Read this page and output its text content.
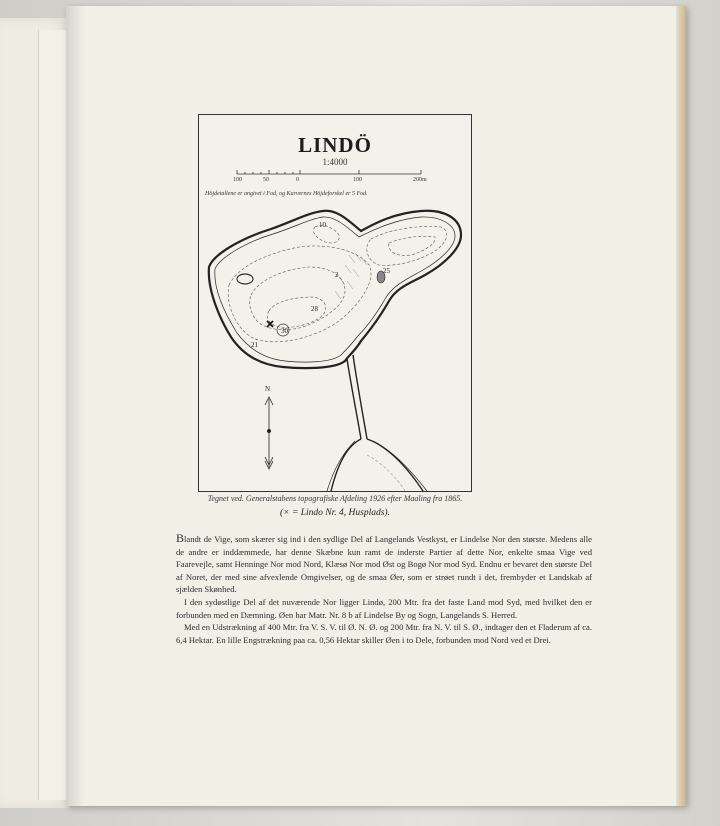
LINDÖ
1:4000
100	50	0	100	200m
Höjdetallene er angivet i Fod, og Kurvernes Höjdeforskel er 5 Fod.
10
2	25
28
30
21
N
Tegnet ved. Generalstabens topografiske Afdeling 1926 efter Maaling fra 1865.
(× = Lindo Nr. 4, Husplads).

Blandt de Vige, som skærer sig ind i den sydlige Del af Langelands Vestkyst, er Lindelse Nor den største. Medens alle de andre er inddæmmede, har denne Skæbne kun ramt de inderste Partier af dette Nor, enkelte smaa Vige ved Faarevejle, samt Henninge Nor mod Nord, Klæsø Nor mod Øst og Bogø Nor mod Syd. Endnu er bevaret den største Del af Noret, der med sine afvexlende Omgivelser, og de smaa Øer, som er strøet rundt i det, frembyder et Landskab af sjælden Skønhed.

I den sydøstlige Del af det nuværende Nor ligger Lindø, 200 Mtr. fra det faste Land mod Syd, med hvilket den er forbunden med en Dæmning. Øen har Matr. Nr. 8 b af Lindelse By og Sogn, Langelands S. Herred.

Med en Udstrækning af 400 Mtr. fra V. S. V. til Ø. N. Ø. og 200 Mtr. fra N. V. til S. Ø., indtager den et Fladerum af ca. 6,4 Hektar. En lille Engstrækning paa ca. 0,56 Hektar skiller Øen i to Dele, forbunden mod Nord ved et Drei.
